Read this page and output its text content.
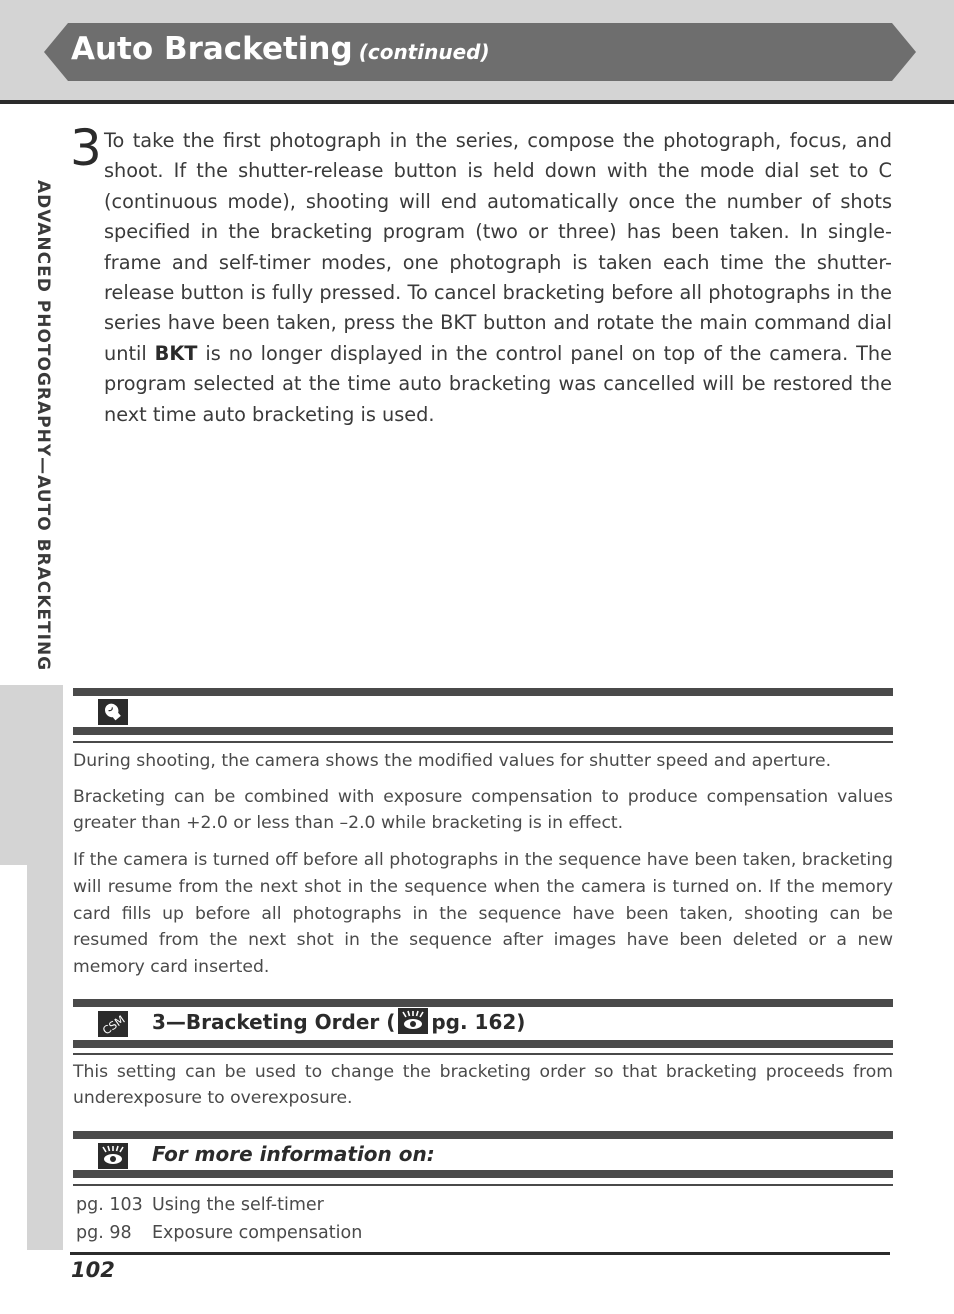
Auto Bracketing (continued)
ADVANCED PHOTOGRAPHY—AUTO BRACKETING
3 To take the first photograph in the series, compose the photograph, focus, and shoot. If the shutter-release button is held down with the mode dial set to C (continuous mode), shooting will end automatically once the number of shots specified in the bracketing program (two or three) has been taken. In single-frame and self-timer modes, one photograph is taken each time the shutter-release button is fully pressed. To cancel bracketing before all photographs in the series have been taken, press the BKT button and rotate the main command dial until BKT is no longer displayed in the control panel on top of the camera. The program selected at the time auto bracketing was cancelled will be restored the next time auto bracketing is used.
During shooting, the camera shows the modified values for shutter speed and aperture.
Bracketing can be combined with exposure compensation to produce compensation values greater than +2.0 or less than –2.0 while bracketing is in effect.
If the camera is turned off before all photographs in the sequence have been taken, bracketing will resume from the next shot in the sequence when the camera is turned on. If the memory card fills up before all photographs in the sequence have been taken, shooting can be resumed from the next shot in the sequence after images have been deleted or a new memory card inserted.
CSM 3—Bracketing Order ( pg. 162)
This setting can be used to change the bracketing order so that bracketing proceeds from underexposure to overexposure.
For more information on:
pg. 103 Using the self-timer
pg. 98 Exposure compensation
102
